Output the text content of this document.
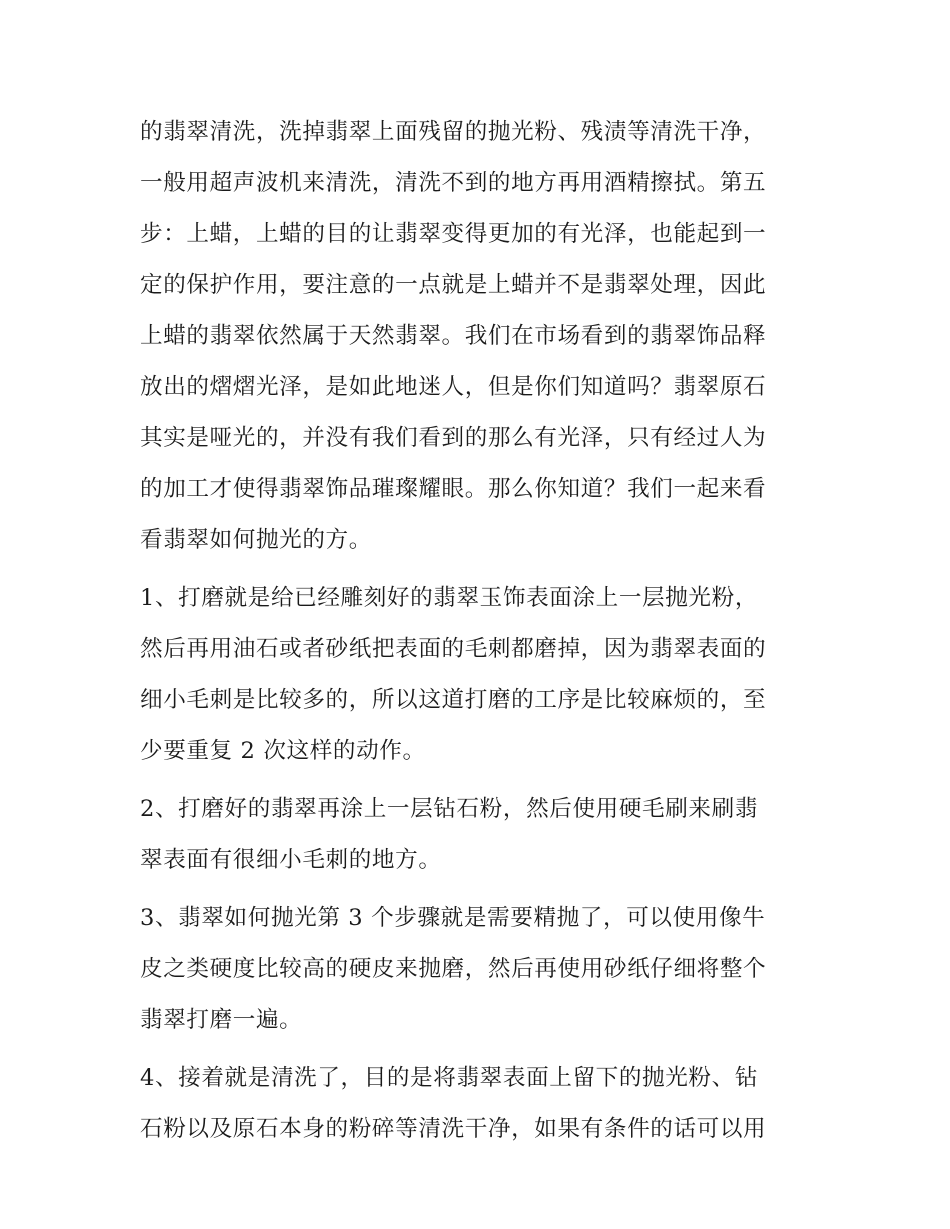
的翡翠清洗，洗掉翡翠上面残留的抛光粉、残渍等清洗干净，
一般用超声波机来清洗，清洗不到的地方再用酒精擦拭。第五
步：上蜡，上蜡的目的让翡翠变得更加的有光泽，也能起到一
定的保护作用，要注意的一点就是上蜡并不是翡翠处理，因此
上蜡的翡翠依然属于天然翡翠。我们在市场看到的翡翠饰品释
放出的熠熠光泽，是如此地迷人，但是你们知道吗？翡翠原石
其实是哑光的，并没有我们看到的那么有光泽，只有经过人为
的加工才使得翡翠饰品璀璨耀眼。那么你知道？我们一起来看
看翡翠如何抛光的方。
1、打磨就是给已经雕刻好的翡翠玉饰表面涂上一层抛光粉，
然后再用油石或者砂纸把表面的毛刺都磨掉，因为翡翠表面的
细小毛刺是比较多的，所以这道打磨的工序是比较麻烦的，至
少要重复 2 次这样的动作。
2、打磨好的翡翠再涂上一层钻石粉，然后使用硬毛刷来刷翡
翠表面有很细小毛刺的地方。
3、翡翠如何抛光第 3 个步骤就是需要精抛了，可以使用像牛
皮之类硬度比较高的硬皮来抛磨，然后再使用砂纸仔细将整个
翡翠打磨一遍。
4、接着就是清洗了，目的是将翡翠表面上留下的抛光粉、钻
石粉以及原石本身的粉碎等清洗干净，如果有条件的话可以用
